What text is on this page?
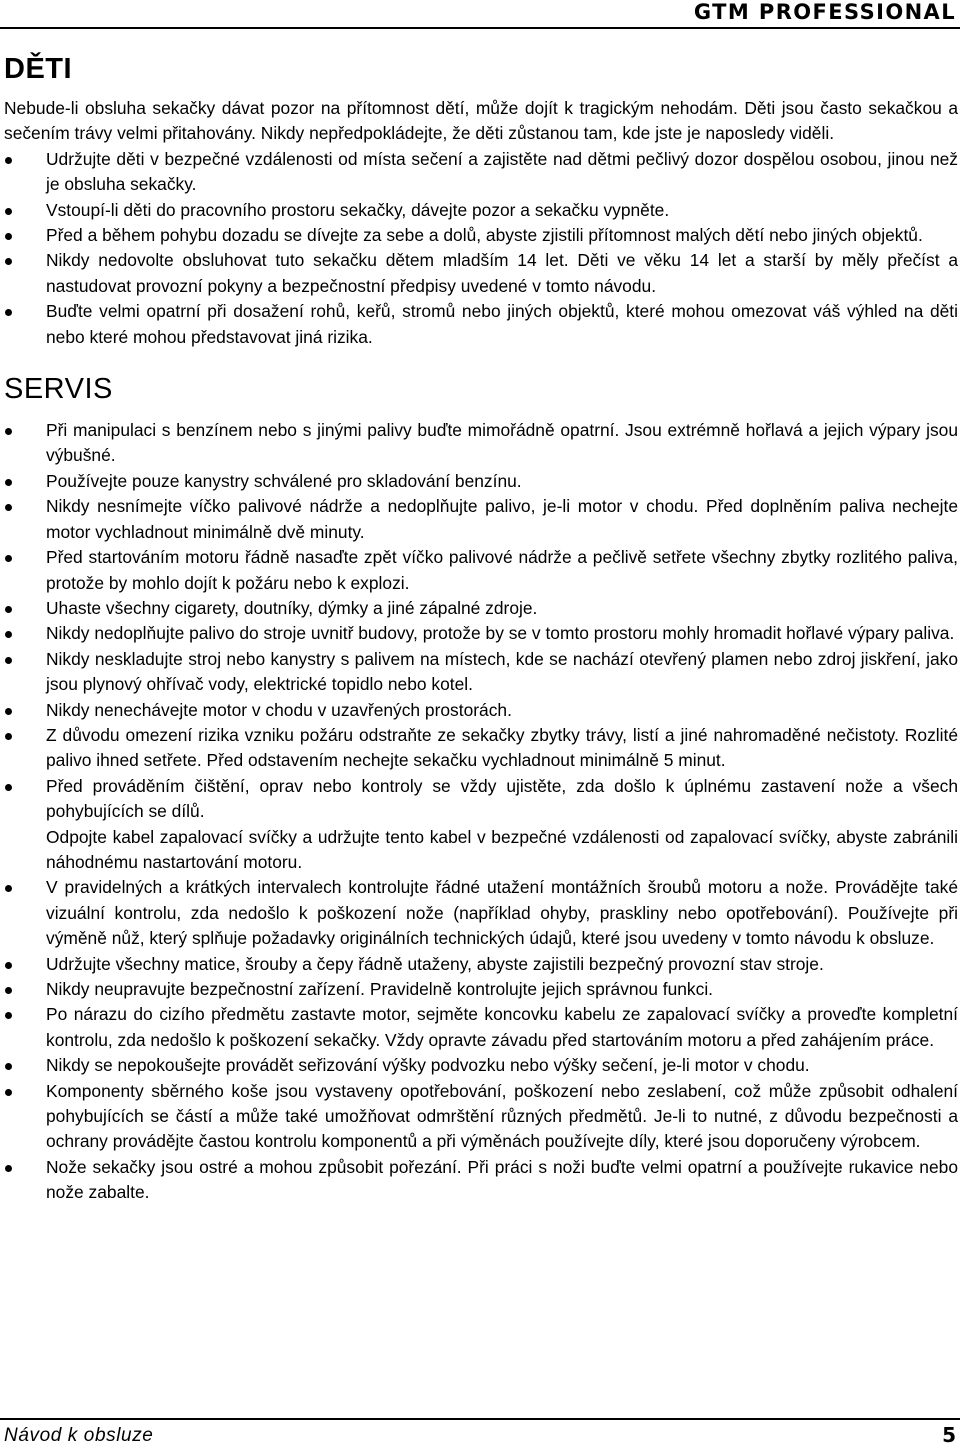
GTM PROFESSIONAL
DĚTI

Nebude-li obsluha sekačky dávat pozor na přítomnost dětí, může dojít k tragickým nehodám. Děti jsou často sekačkou a sečením trávy velmi přitahovány. Nikdy nepředpokládejte, že děti zůstanou tam, kde jste je naposledy viděli.

Udržujte děti v bezpečné vzdálenosti od místa sečení a zajistěte nad dětmi pečlivý dozor dospělou osobou, jinou než je obsluha sekačky.
Vstoupí-li děti do pracovního prostoru sekačky, dávejte pozor a sekačku vypněte.
Před a během pohybu dozadu se dívejte za sebe a dolů, abyste zjistili přítomnost malých dětí nebo jiných objektů.
Nikdy nedovolte obsluhovat tuto sekačku dětem mladším 14 let. Děti ve věku 14 let a starší by měly přečíst a nastudovat provozní pokyny a bezpečnostní předpisy uvedené v tomto návodu.
Buďte velmi opatrní při dosažení rohů, keřů, stromů nebo jiných objektů, které mohou omezovat váš výhled na děti nebo které mohou představovat jiná rizika.
SERVIS
Při manipulaci s benzínem nebo s jinými palivy buďte mimořádně opatrní. Jsou extrémně hořlavá a jejich výpary jsou výbušné.
Používejte pouze kanystry schválené pro skladování benzínu.
Nikdy nesnímejte víčko palivové nádrže a nedoplňujte palivo, je-li motor v chodu. Před doplněním paliva nechejte motor vychladnout minimálně dvě minuty.
Před startováním motoru řádně nasaďte zpět víčko palivové nádrže a pečlivě setřete všechny zbytky rozlitého paliva, protože by mohlo dojít k požáru nebo k explozi.
Uhaste všechny cigarety, doutníky, dýmky a jiné zápalné zdroje.
Nikdy nedoplňujte palivo do stroje uvnitř budovy, protože by se v tomto prostoru mohly hromadit hořlavé výpary paliva.
Nikdy neskladujte stroj nebo kanystry s palivem na místech, kde se nachází otevřený plamen nebo zdroj jiskření, jako jsou plynový ohřívač vody, elektrické topidlo nebo kotel.
Nikdy nenechávejte motor v chodu v uzavřených prostorách.
Z důvodu omezení rizika vzniku požáru odstraňte ze sekačky zbytky trávy, listí a jiné nahromaděné nečistoty. Rozlité palivo ihned setřete. Před odstavením nechejte sekačku vychladnout minimálně 5 minut.
Před prováděním čištění, oprav nebo kontroly se vždy ujistěte, zda došlo k úplnému zastavení nože a všech pohybujících se dílů.
Odpojte kabel zapalovací svíčky a udržujte tento kabel v bezpečné vzdálenosti od zapalovací svíčky, abyste zabránili náhodnému nastartování motoru.
V pravidelných a krátkých intervalech kontrolujte řádné utažení montážních šroubů motoru a nože. Provádějte také vizuální kontrolu, zda nedošlo k poškození nože (například ohyby, praskliny nebo opotřebování). Používejte při výměně nůž, který splňuje požadavky originálních technických údajů, které jsou uvedeny v tomto návodu k obsluze.
Udržujte všechny matice, šrouby a čepy řádně utaženy, abyste zajistili bezpečný provozní stav stroje.
Nikdy neupravujte bezpečnostní zařízení. Pravidelně kontrolujte jejich správnou funkci.
Po nárazu do cizího předmětu zastavte motor, sejměte koncovku kabelu ze zapalovací svíčky a proveďte kompletní kontrolu, zda nedošlo k poškození sekačky. Vždy opravte závadu před startováním motoru a před zahájením práce.
Nikdy se nepokoušejte provádět seřizování výšky podvozku nebo výšky sečení, je-li motor v chodu.
Komponenty sběrného koše jsou vystaveny opotřebování, poškození nebo zeslabení, což může způsobit odhalení pohybujících se částí a může také umožňovat odmrštění různých předmětů. Je-li to nutné, z důvodu bezpečnosti a ochrany provádějte častou kontrolu komponentů a při výměnách používejte díly, které jsou doporučeny výrobcem.
Nože sekačky jsou ostré a mohou způsobit pořezání. Při práci s noži buďte velmi opatrní a používejte rukavice nebo nože zabalte.
Návod k obsluze	5
